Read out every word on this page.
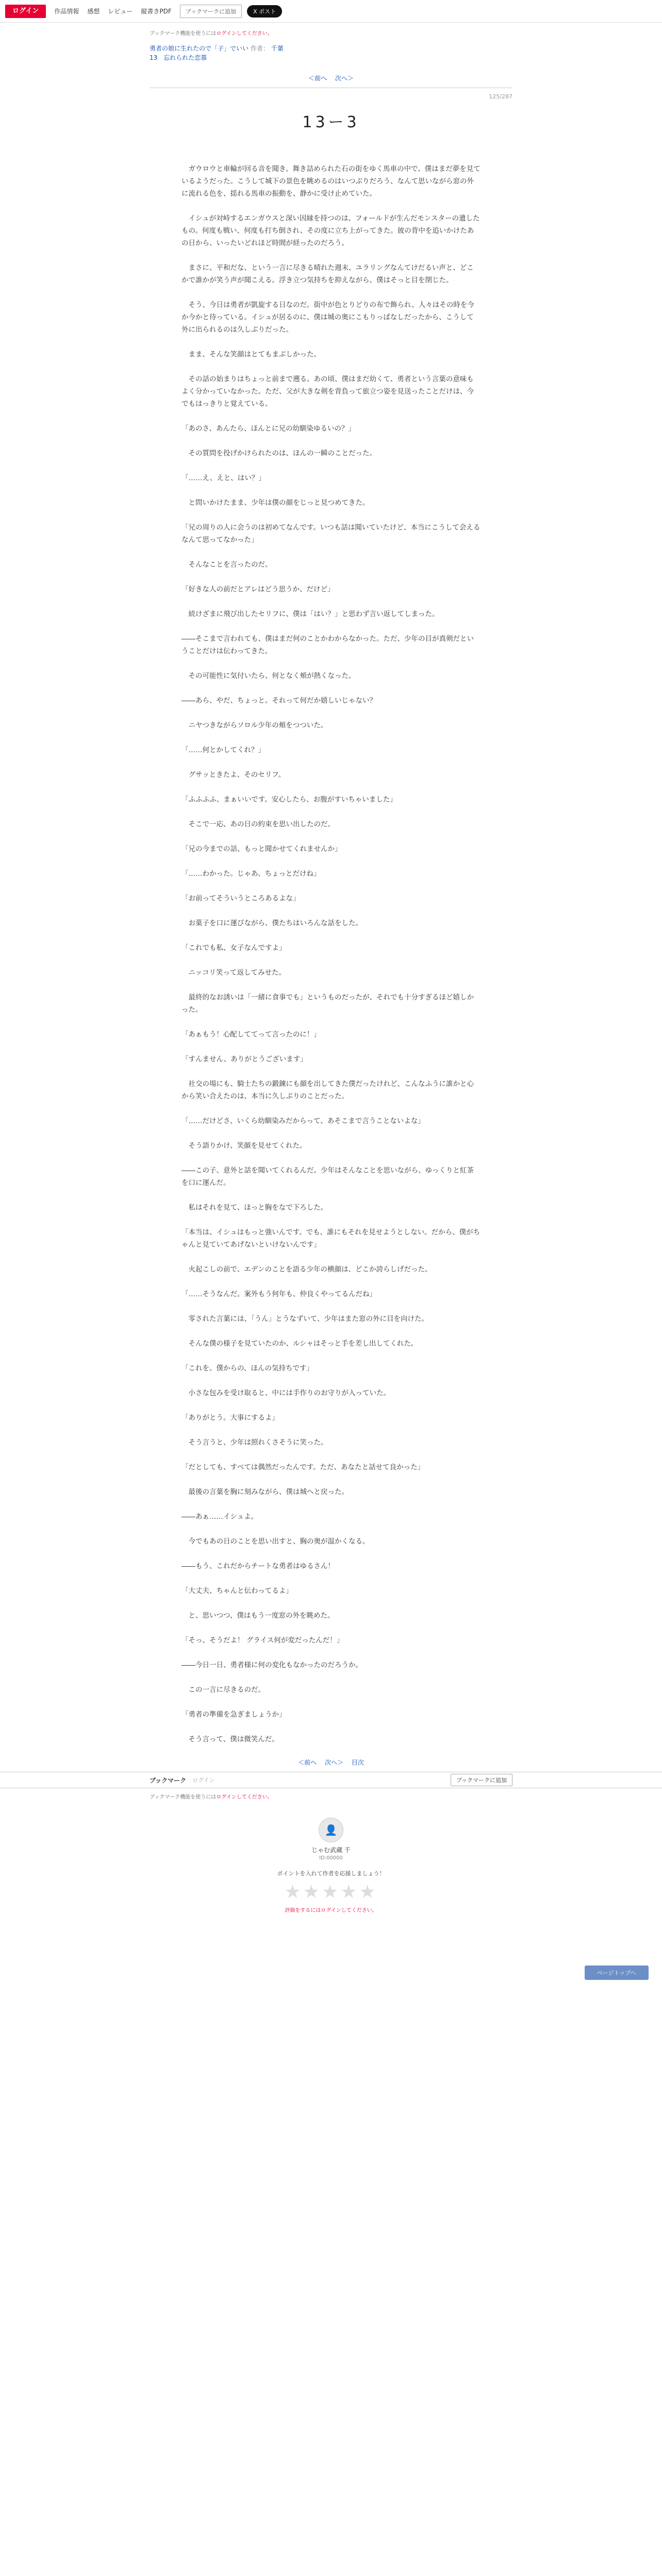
ログイン	作品情報 感想 レビュー 縦書きPDF	ブックマークに追加	X ポスト
ブックマーク機能を使うにはログインしてください。
勇者の娘に生れたので「子」でいい 作者： 千葉
13　忘れられた恋慕
＜前へ 次へ＞
125/287
13ー3

　ガウロウと車輪が回る音を聞き、舞き詰められた石の街をゆく馬車の中で、僕はまだ夢を見ているようだった。こうして城下の景色を眺めるのはいつぶりだろう、なんて思いながら窓の外に流れる色を、揺れる馬車の振動を、静かに受け止めていた。

　イシュが対峙するエンガウスと深い因縁を持つのは、フォールドが生んだモンスターの遺したもの。何度も戦い、何度も打ち倒され、その度に立ち上がってきた。彼の背中を追いかけたあの日から、いったいどれほど時間が経ったのだろう。

　まさに、平和だな、という一言に尽きる晴れた週末、ユラリングなんてけだるい声と、どこかで誰かが笑う声が聞こえる。浮き立つ気持ちを抑えながら、僕はそっと目を閉じた。

　そう、今日は勇者が凱旋する日なのだ。街中が色とりどりの布で飾られ、人々はその時を今か今かと待っている。イシュが居るのに、僕は城の奥にこもりっぱなしだったから、こうして外に出られるのは久しぶりだった。

　まま、そんな笑顔はとてもまぶしかった。

　その話の始まりはちょっと前まで遡る。あの頃、僕はまだ幼くて、勇者という言葉の意味もよく分かっていなかった。ただ、父が大きな剣を背負って旅立つ姿を見送ったことだけは、今でもはっきりと覚えている。

「あのさ、あんたら、ほんとに兄の幼馴染ゆるいの？」

　その質問を投げかけられたのは、ほんの一瞬のことだった。

「……え、えと、はい？」

　と問いかけたまま、少年は僕の顔をじっと見つめてきた。

「兄の周りの人に会うのは初めてなんです。いつも話は聞いていたけど、本当にこうして会えるなんて思ってなかった」

　そんなことを言ったのだ。

「好きな人の前だとアレはどう思うか、だけど」

　続けざまに飛び出したセリフに、僕は「はい？」と思わず言い返してしまった。

――そこまで言われても、僕はまだ何のことかわからなかった。ただ、少年の目が真剣だということだけは伝わってきた。

　その可能性に気付いたら、何となく頬が熱くなった。

――あら、やだ、ちょっと。それって何だか嬉しいじゃない？

　ニヤつきながらソロル少年の頬をつついた。

「……何とかしてくれ？」

　グサッときたよ、そのセリフ。

「ふふふふ、まぁいいです。安心したら、お腹がすいちゃいました」

　そこで一応、あの日の約束を思い出したのだ。

「兄の今までの話、もっと聞かせてくれませんか」

「……わかった。じゃあ、ちょっとだけね」

「お前ってそういうところあるよな」

　お菓子を口に運びながら、僕たちはいろんな話をした。

「これでも私、女子なんですよ」

　ニッコリ笑って返してみせた。

　最終的なお誘いは「一緒に食事でも」というものだったが、それでも十分すぎるほど嬉しかった。

「あぁもう！心配しててって言ったのに！」

「すんません、ありがとうございます」

　社交の場にも、騎士たちの鍛錬にも顔を出してきた僕だったけれど、こんなふうに誰かと心から笑い合えたのは、本当に久しぶりのことだった。

「……だけどさ、いくら幼馴染みだからって、あそこまで言うことないよな」

　そう語りかけ、笑顔を見せてくれた。

――この子、意外と話を聞いてくれるんだ。少年はそんなことを思いながら、ゆっくりと紅茶を口に運んだ。

　私はそれを見て、ほっと胸をなで下ろした。

「本当は、イシュはもっと強いんです。でも、誰にもそれを見せようとしない。だから、僕がちゃんと見ていてあげないといけないんです」

　火起こしの前で、エデンのことを語る少年の横顔は、どこか誇らしげだった。

「……そうなんだ。案外もう何年も、仲良くやってるんだね」

　零された言葉には、「うん」とうなずいて、少年はまた窓の外に目を向けた。

　そんな僕の様子を見ていたのか、ルシャはそっと手を差し出してくれた。

「これを。僕からの、ほんの気持ちです」

　小さな包みを受け取ると、中には手作りのお守りが入っていた。

「ありがとう。大事にするよ」

　そう言うと、少年は照れくさそうに笑った。

「だとしても、すべては偶然だったんです。ただ、あなたと話せて良かった」

　最後の言葉を胸に刻みながら、僕は城へと戻った。

――あぁ……イシュよ。

　今でもあの日のことを思い出すと、胸の奥が温かくなる。

――もう、これだからチートな勇者はゆるさん！

「大丈夫、ちゃんと伝わってるよ」

　と、思いつつ、僕はもう一度窓の外を眺めた。

「そっ、そうだよ！ グライス何が変だったんだ！」

――今日一日、勇者様に何の変化もなかったのだろうか。

　この一言に尽きるのだ。

「勇者の準備を急ぎましょうか」

　そう言って、僕は微笑んだ。

＜前へ 次へ＞ 目次
ブックマーク ログイン	ブックマークに追加
ブックマーク機能を使うにはログインしてください。
👤
じゃむ武蔵 千
ID:00000
ポイントを入れて作者を応援しましょう！
★★★★★
評価をするにはログインしてください。
ページトップへ
